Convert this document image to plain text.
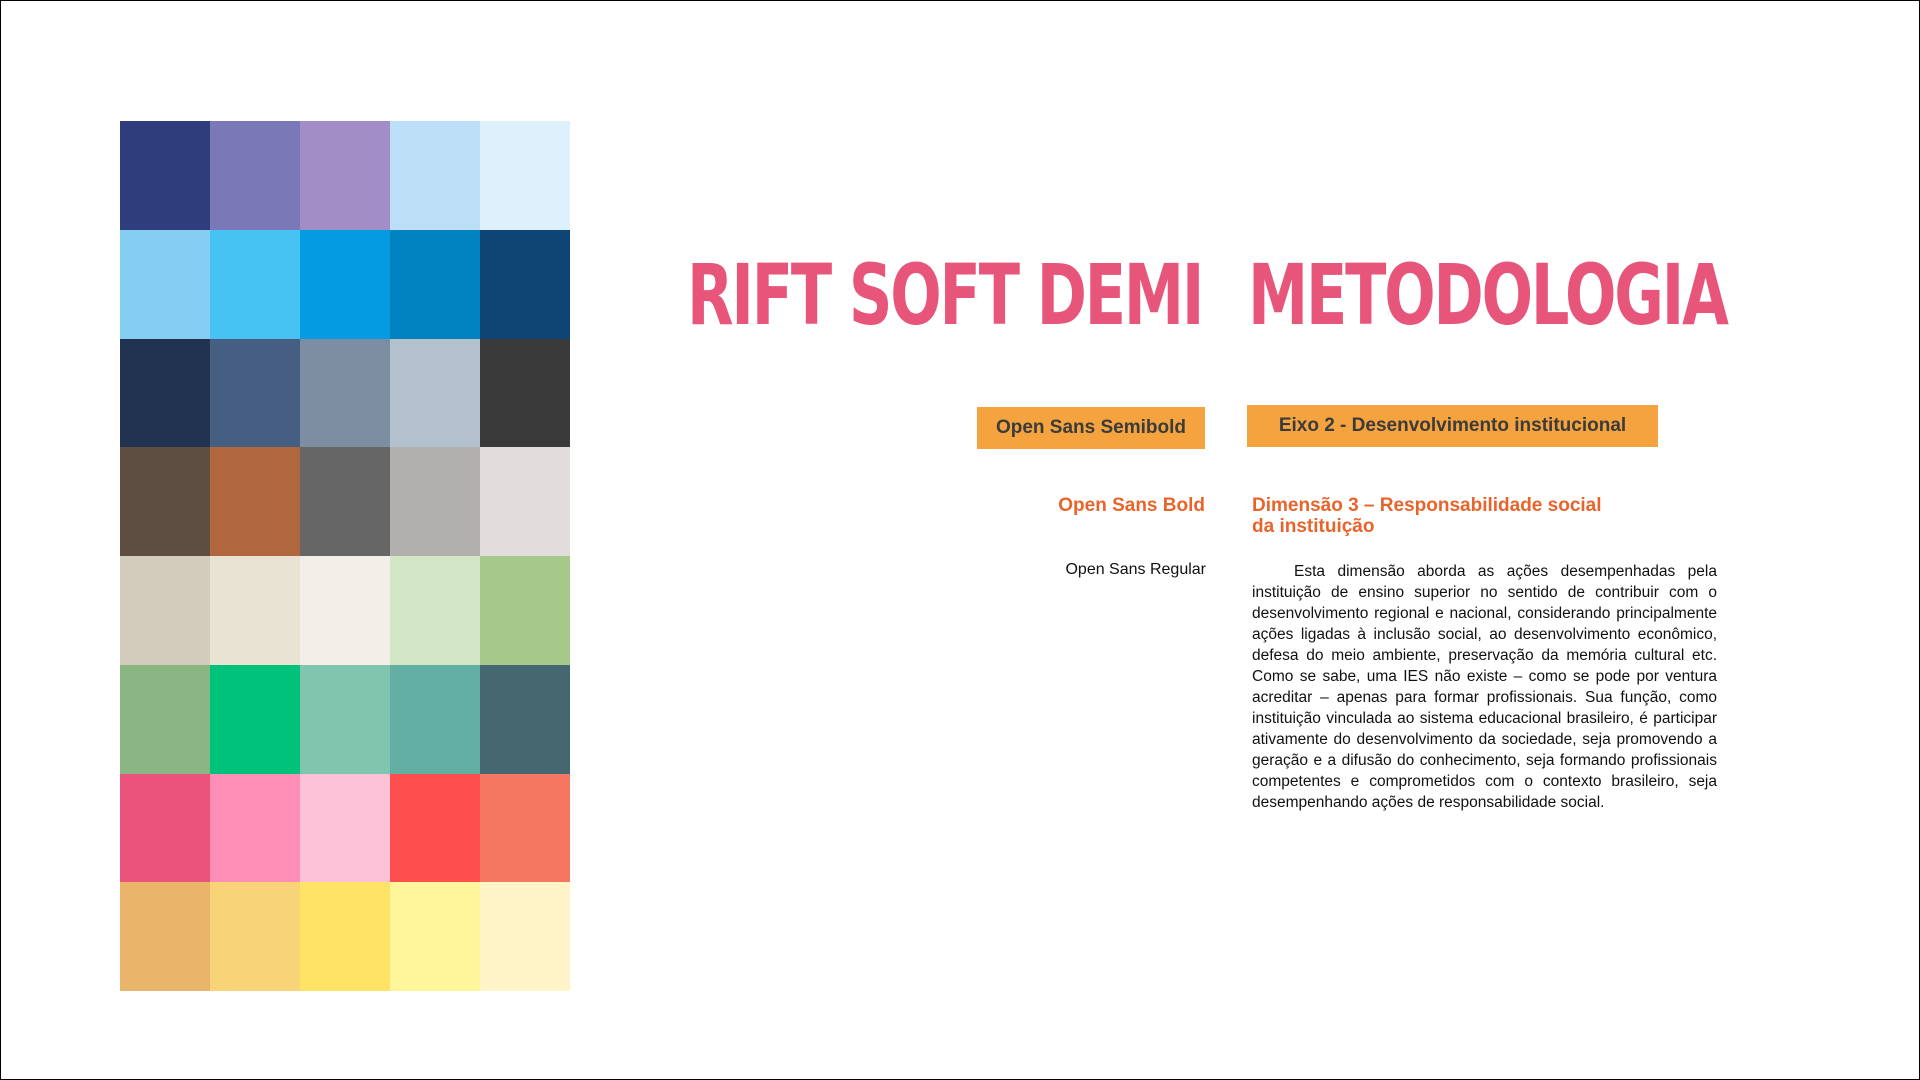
RIFT SOFT DEMI METODOLOGIA
Open Sans Semibold	Eixo 2 - Desenvolvimento institucional
Open Sans Bold Dimensão 3 – Responsabilidade social
da instituição
Open Sans Regular	Esta dimensão aborda as ações desempenhadas pela instituição de ensino superior no sentido de contribuir com o desenvolvimento regional e nacional, considerando principalmente ações ligadas à inclusão social, ao desenvolvimento econômico, defesa do meio ambiente, preservação da memória cultural etc. Como se sabe, uma IES não existe – como se pode por ventura acreditar – apenas para formar profissionais. Sua função, como instituição vinculada ao sistema educacional brasileiro, é participar ativamente do desenvolvimento da sociedade, seja promovendo a geração e a difusão do conhecimento, seja formando profissionais competentes e comprometidos com o contexto brasileiro, seja desempenhando ações de responsabilidade social.
